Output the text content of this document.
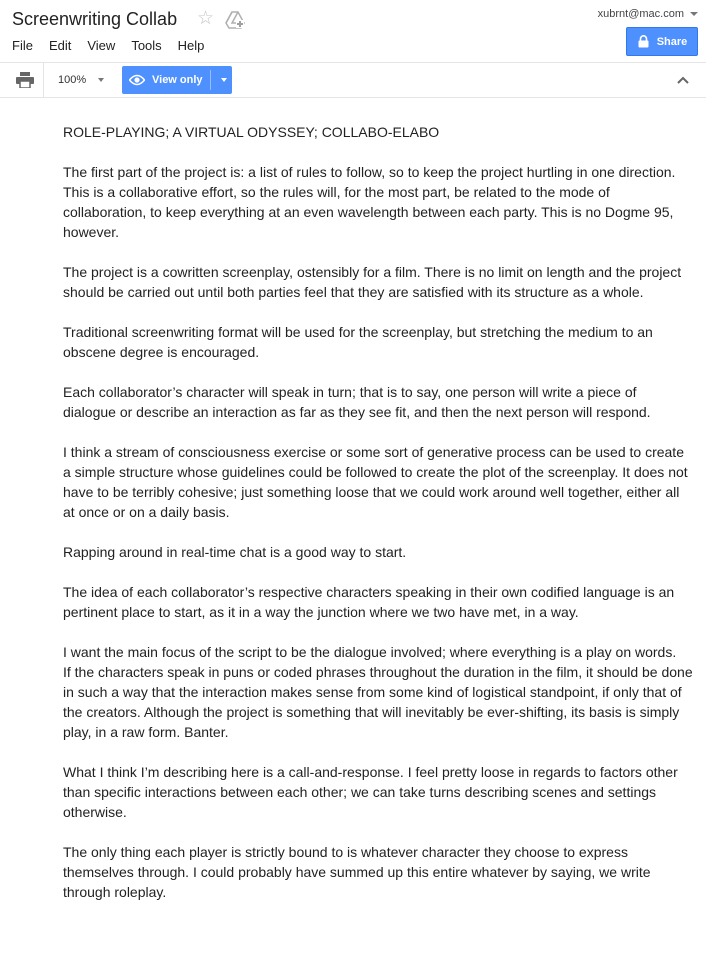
Screenwriting Collab ☆
File Edit View Tools Help
xubrnt@mac.com
Share
100%	View only

ROLE-PLAYING; A VIRTUAL ODYSSEY; COLLABO-ELABO

The first part of the project is: a list of rules to follow, so to keep the project hurtling in one direction. This is a collaborative effort, so the rules will, for the most part, be related to the mode of collaboration, to keep everything at an even wavelength between each party. This is no Dogme 95, however.

The project is a cowritten screenplay, ostensibly for a film. There is no limit on length and the project should be carried out until both parties feel that they are satisfied with its structure as a whole.

Traditional screenwriting format will be used for the screenplay, but stretching the medium to an obscene degree is encouraged.

Each collaborator’s character will speak in turn; that is to say, one person will write a piece of dialogue or describe an interaction as far as they see fit, and then the next person will respond.

I think a stream of consciousness exercise or some sort of generative process can be used to create a simple structure whose guidelines could be followed to create the plot of the screenplay. It does not have to be terribly cohesive; just something loose that we could work around well together, either all at once or on a daily basis.

Rapping around in real-time chat is a good way to start.

The idea of each collaborator’s respective characters speaking in their own codified language is an pertinent place to start, as it in a way the junction where we two have met, in a way.

I want the main focus of the script to be the dialogue involved; where everything is a play on words.

If the characters speak in puns or coded phrases throughout the duration in the film, it should be done in such a way that the interaction makes sense from some kind of logistical standpoint, if only that of the creators. Although the project is something that will inevitably be ever-shifting, its basis is simply play, in a raw form. Banter.

What I think I’m describing here is a call-and-response. I feel pretty loose in regards to factors other than specific interactions between each other; we can take turns describing scenes and settings otherwise.

The only thing each player is strictly bound to is whatever character they choose to express themselves through. I could probably have summed up this entire whatever by saying, we write through roleplay.
